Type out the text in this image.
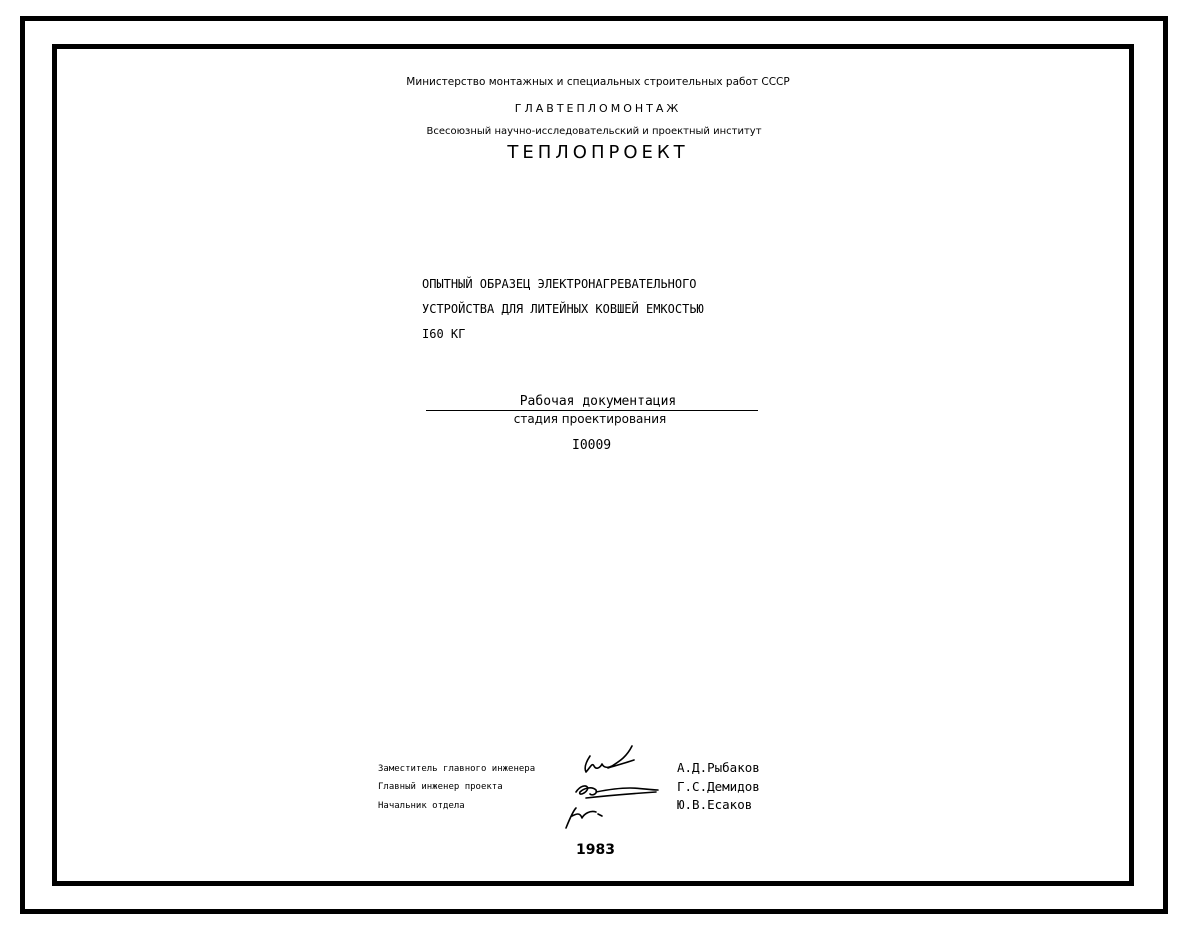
Министерство монтажных и специальных строительных работ СССР
ГЛАВТЕПЛОМОНТАЖ
Всесоюзный научно-исследовательский и проектный институт
ТЕПЛОПРОЕКТ
ОПЫТНЫЙ ОБРАЗЕЦ ЭЛЕКТРОНАГРЕВАТЕЛЬНОГО
УСТРОЙСТВА ДЛЯ ЛИТЕЙНЫХ КОВШЕЙ ЕМКОСТЬЮ
I60 КГ
Рабочая документация
стадия проектирования
I0009
Заместитель главного инженера
Главный инженер проекта
Начальник отдела
А.Д.Рыбаков
Г.С.Демидов
Ю.В.Есаков
1983
